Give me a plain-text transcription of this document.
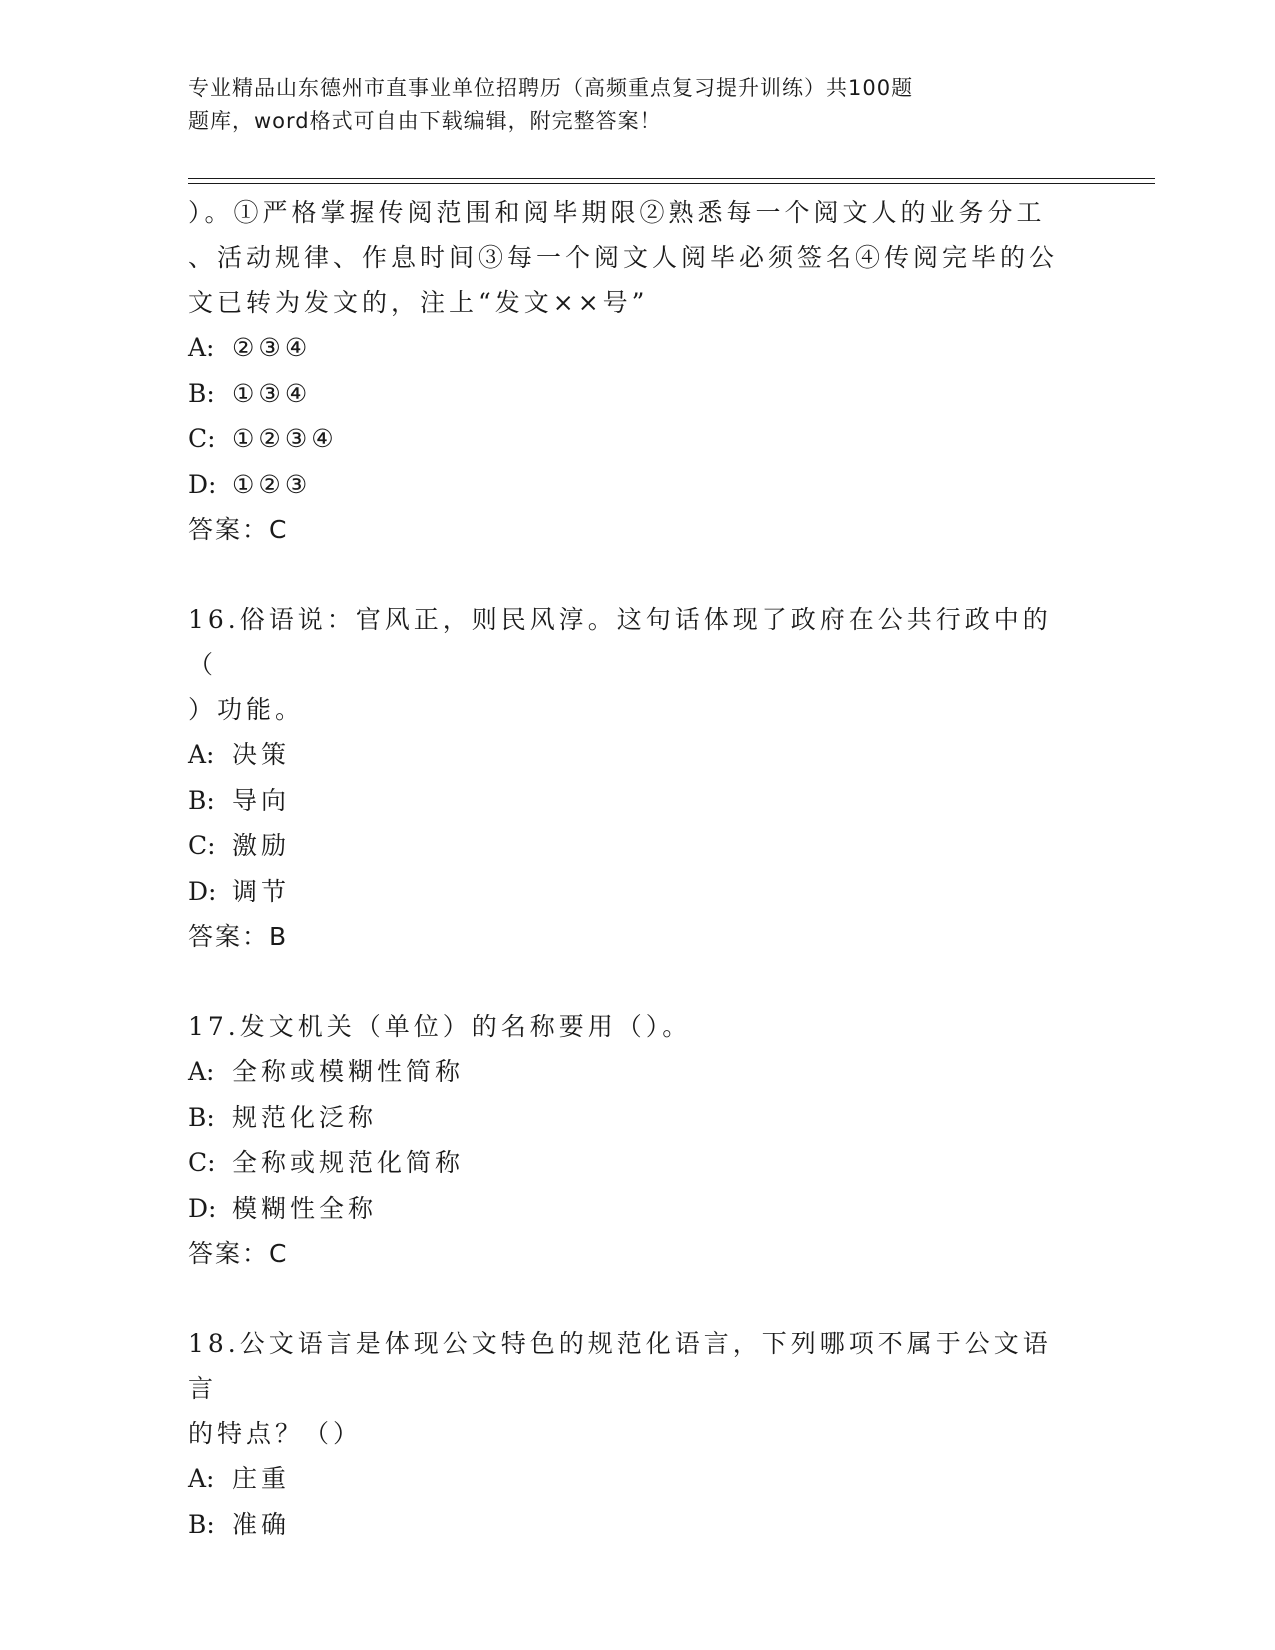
专业精品山东德州市直事业单位招聘历（高频重点复习提升训练）共100题
题库，word格式可自由下载编辑，附完整答案！

）。①严格掌握传阅范围和阅毕期限②熟悉每一个阅文人的业务分工

、活动规律、作息时间③每一个阅文人阅毕必须签名④传阅完毕的公

文已转为发文的，注上“发文××号”

A: ②③④

B: ①③④

C: ①②③④

D: ①②③

答案：C

16.俗语说：官风正，则民风淳。这句话体现了政府在公共行政中的（

）功能。

A: 决策

B: 导向

C: 激励

D: 调节

答案：B

17.发文机关（单位）的名称要用（）。

A: 全称或模糊性简称

B: 规范化泛称

C: 全称或规范化简称

D: 模糊性全称

答案：C

18.公文语言是体现公文特色的规范化语言，下列哪项不属于公文语言

的特点？（）

A: 庄重

B: 准确
